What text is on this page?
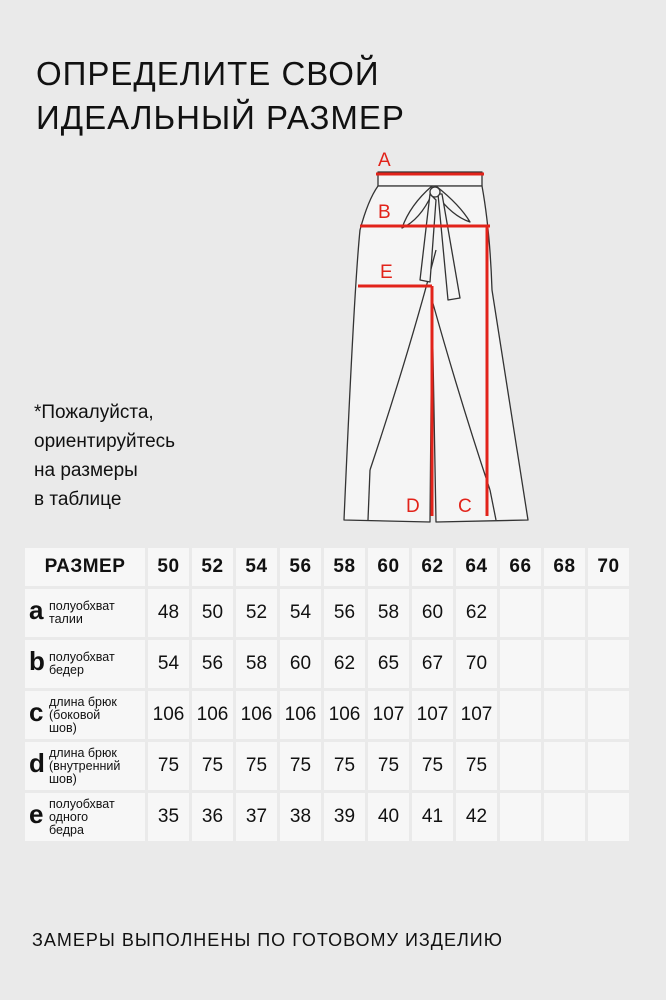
ОПРЕДЕЛИТЕ СВОЙ
ИДЕАЛЬНЫЙ РАЗМЕР
*Пожалуйста,
ориентируйтесь
на размеры
в таблице
A
B
E
D C
РАЗМЕР	50	52	54	56	58	60	62	64	66	68	70

a полуобхват
талии	48	50	52	54	56	58	60	62			

b полуобхват
бедер	54	56	58	60	62	65	67	70			

c длина брюк
(боковой
шов)	106	106	106	106	106	107	107	107			

d длина брюк
(внутренний
шов)	75	75	75	75	75	75	75	75			

e полуобхват
одного
бедра	35	36	37	38	39	40	41	42			
ЗАМЕРЫ ВЫПОЛНЕНЫ ПО ГОТОВОМУ ИЗДЕЛИЮ
